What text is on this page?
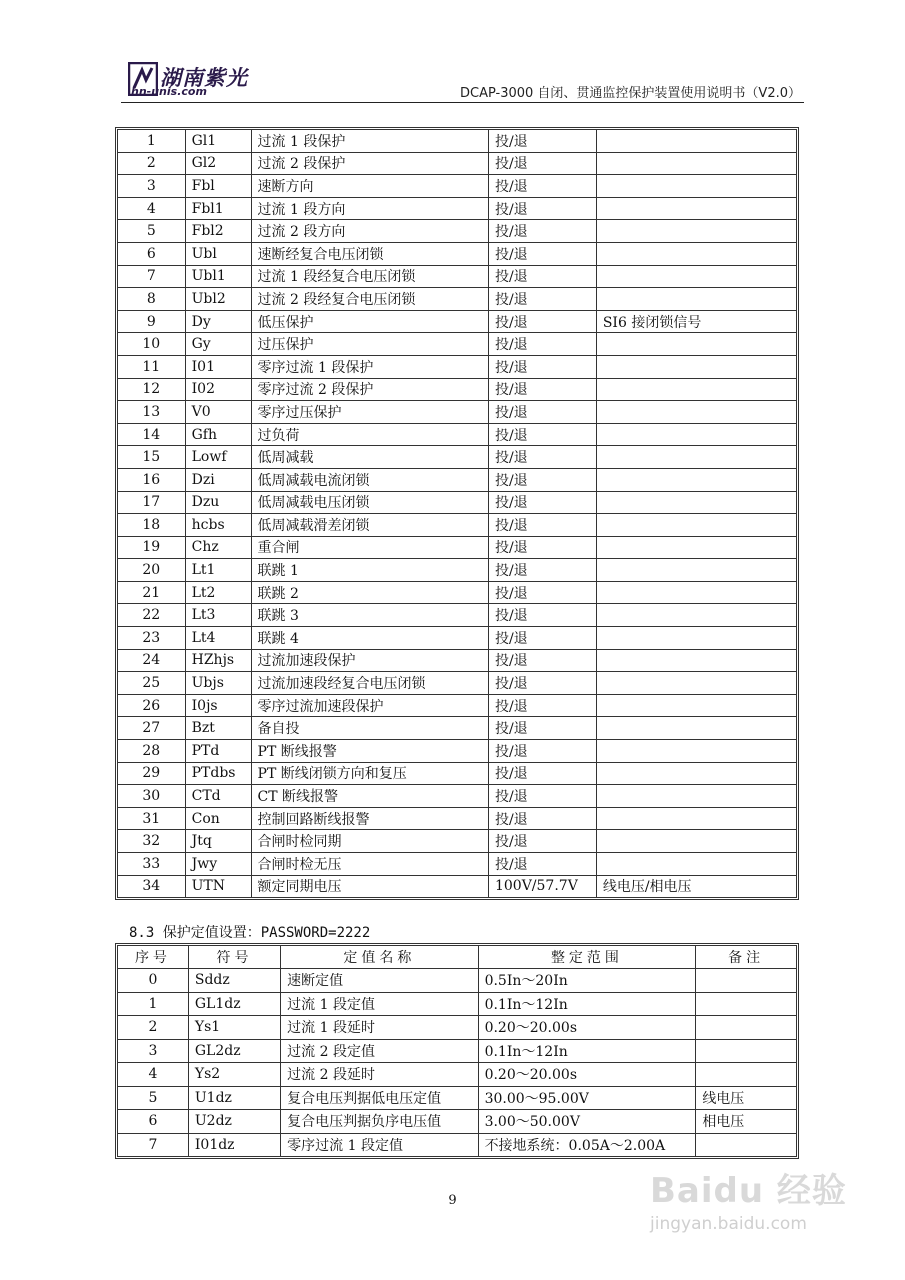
湖南紫光
hn-unis.com	DCAP-3000 自闭、贯通监控保护装置使用说明书（V2.0）
1	Gl1	过流 1 段保护	投/退	
2	Gl2	过流 2 段保护	投/退	
3	Fbl	速断方向	投/退	
4	Fbl1	过流 1 段方向	投/退	
5	Fbl2	过流 2 段方向	投/退	
6	Ubl	速断经复合电压闭锁	投/退	
7	Ubl1	过流 1 段经复合电压闭锁	投/退	
8	Ubl2	过流 2 段经复合电压闭锁	投/退	
9	Dy	低压保护	投/退	SI6 接闭锁信号
10	Gy	过压保护	投/退	
11	I01	零序过流 1 段保护	投/退	
12	I02	零序过流 2 段保护	投/退	
13	V0	零序过压保护	投/退	
14	Gfh	过负荷	投/退	
15	Lowf	低周减载	投/退	
16	Dzi	低周减载电流闭锁	投/退	
17	Dzu	低周减载电压闭锁	投/退	
18	hcbs	低周减载滑差闭锁	投/退	
19	Chz	重合闸	投/退	
20	Lt1	联跳 1	投/退	
21	Lt2	联跳 2	投/退	
22	Lt3	联跳 3	投/退	
23	Lt4	联跳 4	投/退	
24	HZhjs	过流加速段保护	投/退	
25	Ubjs	过流加速段经复合电压闭锁	投/退	
26	I0js	零序过流加速段保护	投/退	
27	Bzt	备自投	投/退	
28	PTd	PT 断线报警	投/退	
29	PTdbs	PT 断线闭锁方向和复压	投/退	
30	CTd	CT 断线报警	投/退	
31	Con	控制回路断线报警	投/退	
32	Jtq	合闸时检同期	投/退	
33	Jwy	合闸时检无压	投/退	
34	UTN	额定同期电压	100V/57.7V	线电压/相电压
8.3 保护定值设置：PASSWORD=2222
序号	符号	定值名称	整定范围	备注
0	Sddz	速断定值	0.5In～20In	
1	GL1dz	过流 1 段定值	0.1In～12In	
2	Ys1	过流 1 段延时	0.20～20.00s	
3	GL2dz	过流 2 段定值	0.1In～12In	
4	Ys2	过流 2 段延时	0.20～20.00s	
5	U1dz	复合电压判据低电压定值	30.00～95.00V	线电压
6	U2dz	复合电压判据负序电压值	3.00～50.00V	相电压
7	I01dz	零序过流 1 段定值	不接地系统：0.05A～2.00A	
9	Baidu 经验
jingyan.baidu.com
